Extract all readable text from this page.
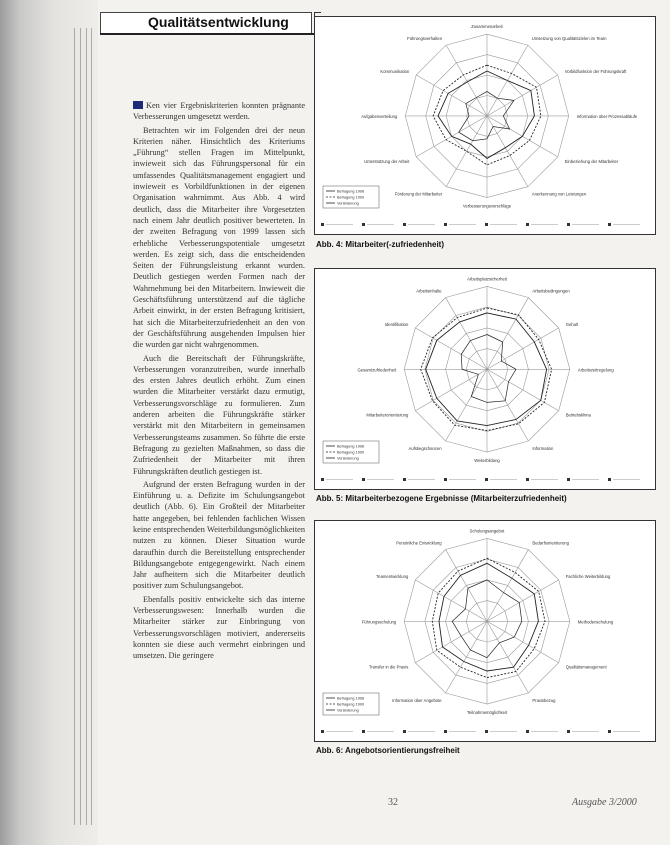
Qualitätsentwicklung

Ken vier Ergebniskriterien konnten prägnante Verbesserungen umgesetzt werden.

Betrachten wir im Folgenden drei der neun Kriterien näher. Hinsichtlich des Kriteriums „Führung“ stellen Fragen im Mittelpunkt, inwieweit sich das Führungspersonal für ein umfassendes Qualitätsmanagement engagiert und inwieweit es Vorbildfunktionen in der eigenen Organisation wahrnimmt. Aus Abb. 4 wird deutlich, dass die Mitarbeiter ihre Vorgesetzten nach einem Jahr deutlich positiver bewerteten. In der zweiten Befragung von 1999 lassen sich erhebliche Verbesserungspotentiale umgesetzt werden. Es zeigt sich, dass die entscheidenden Seiten der Führungsleistung erkannt wurden. Deutlich gestiegen werden Formen nach der Wahrnehmung bei den Mitarbeitern. Inwieweit die Geschäftsführung unterstützend auf die tägliche Arbeit einwirkt, in der ersten Befragung kritisiert, hat sich die Mitarbeiterzufriedenheit an den von der Geschäftsführung ausgehenden Impulsen hier die wurden gar nicht wahrgenommen.

Auch die Bereitschaft der Führungskräfte, Verbesserungen voranzutreiben, wurde innerhalb des ersten Jahres deutlich erhöht. Zum einen wurden die Mitarbeiter verstärkt dazu ermutigt, Verbesserungsvorschläge zu formulieren. Zum anderen arbeiten die Führungskräfte stärker verstärkt mit den Mitarbeitern in gemeinsamen Verbesserungsteams zusammen. So führte die erste Befragung zu gezielten Maßnahmen, so dass die Zufriedenheit der Mitarbeiter mit ihren Führungskräften deutlich gestiegen ist.

Aufgrund der ersten Befragung wurden in der Einführung u. a. Defizite im Schulungsangebot deutlich (Abb. 6). Ein Großteil der Mitarbeiter hatte angegeben, bei fehlenden fachlichen Wissen keine entsprechenden Weiterbildungsmöglichkeiten nutzen zu können. Dieser Situation wurde daraufhin durch die Bereitstellung entsprechender Bildungsangebote entgegengewirkt. Nach einem Jahr aufheitern sich die Mitarbeiter deutlich positiver zum Schulungsangebot.

Ebenfalls positiv entwickelte sich das interne Verbesserungswesen: Innerhalb wurden die Mitarbeiter stärker zur Einbringung von Verbesserungsvorschlägen motiviert, andererseits konnten sie diese auch vermehrt einbringen und umsetzen. Die geringere

Zusammenarbeit
Umsetzung von Qualitätszielen im Team
Vorbildfunktion der Führungskraft
Information über Prozessabläufe
Einbeziehung der Mitarbeiter
Anerkennung von Leistungen
Verbesserungsvorschläge
Förderung der Mitarbeiter
Unterstützung der Arbeit
Aufgabenverteilung
Kommunikation
Führungsverhalten
Befragung 1998
Befragung 1999
Veränderung
Abb. 4: Mitarbeiter(-zufriedenheit)
Arbeitsplatzsicherheit
Arbeitsbedingungen
Gehalt
Arbeitszeitregelung
Betriebsklima
Information
Weiterbildung
Aufstiegschancen
Mitarbeiterorientierung
Gesamtzufriedenheit
Identifikation
Arbeitsinhalte
Befragung 1998
Befragung 1999
Veränderung
Abb. 5: Mitarbeiterbezogene Ergebnisse (Mitarbeiterzufriedenheit)
Schulungsangebot
Bedarfsorientierung
Fachliche Weiterbildung
Methodenschulung
Qualitätsmanagement
Praxisbezug
Teilnahmemöglichkeit
Information über Angebote
Transfer in die Praxis
Führungsschulung
Teamentwicklung
Persönliche Entwicklung
Befragung 1998
Befragung 1999
Veränderung
Abb. 6: Angebotsorientierungsfreiheit
32	Ausgabe 3/2000
